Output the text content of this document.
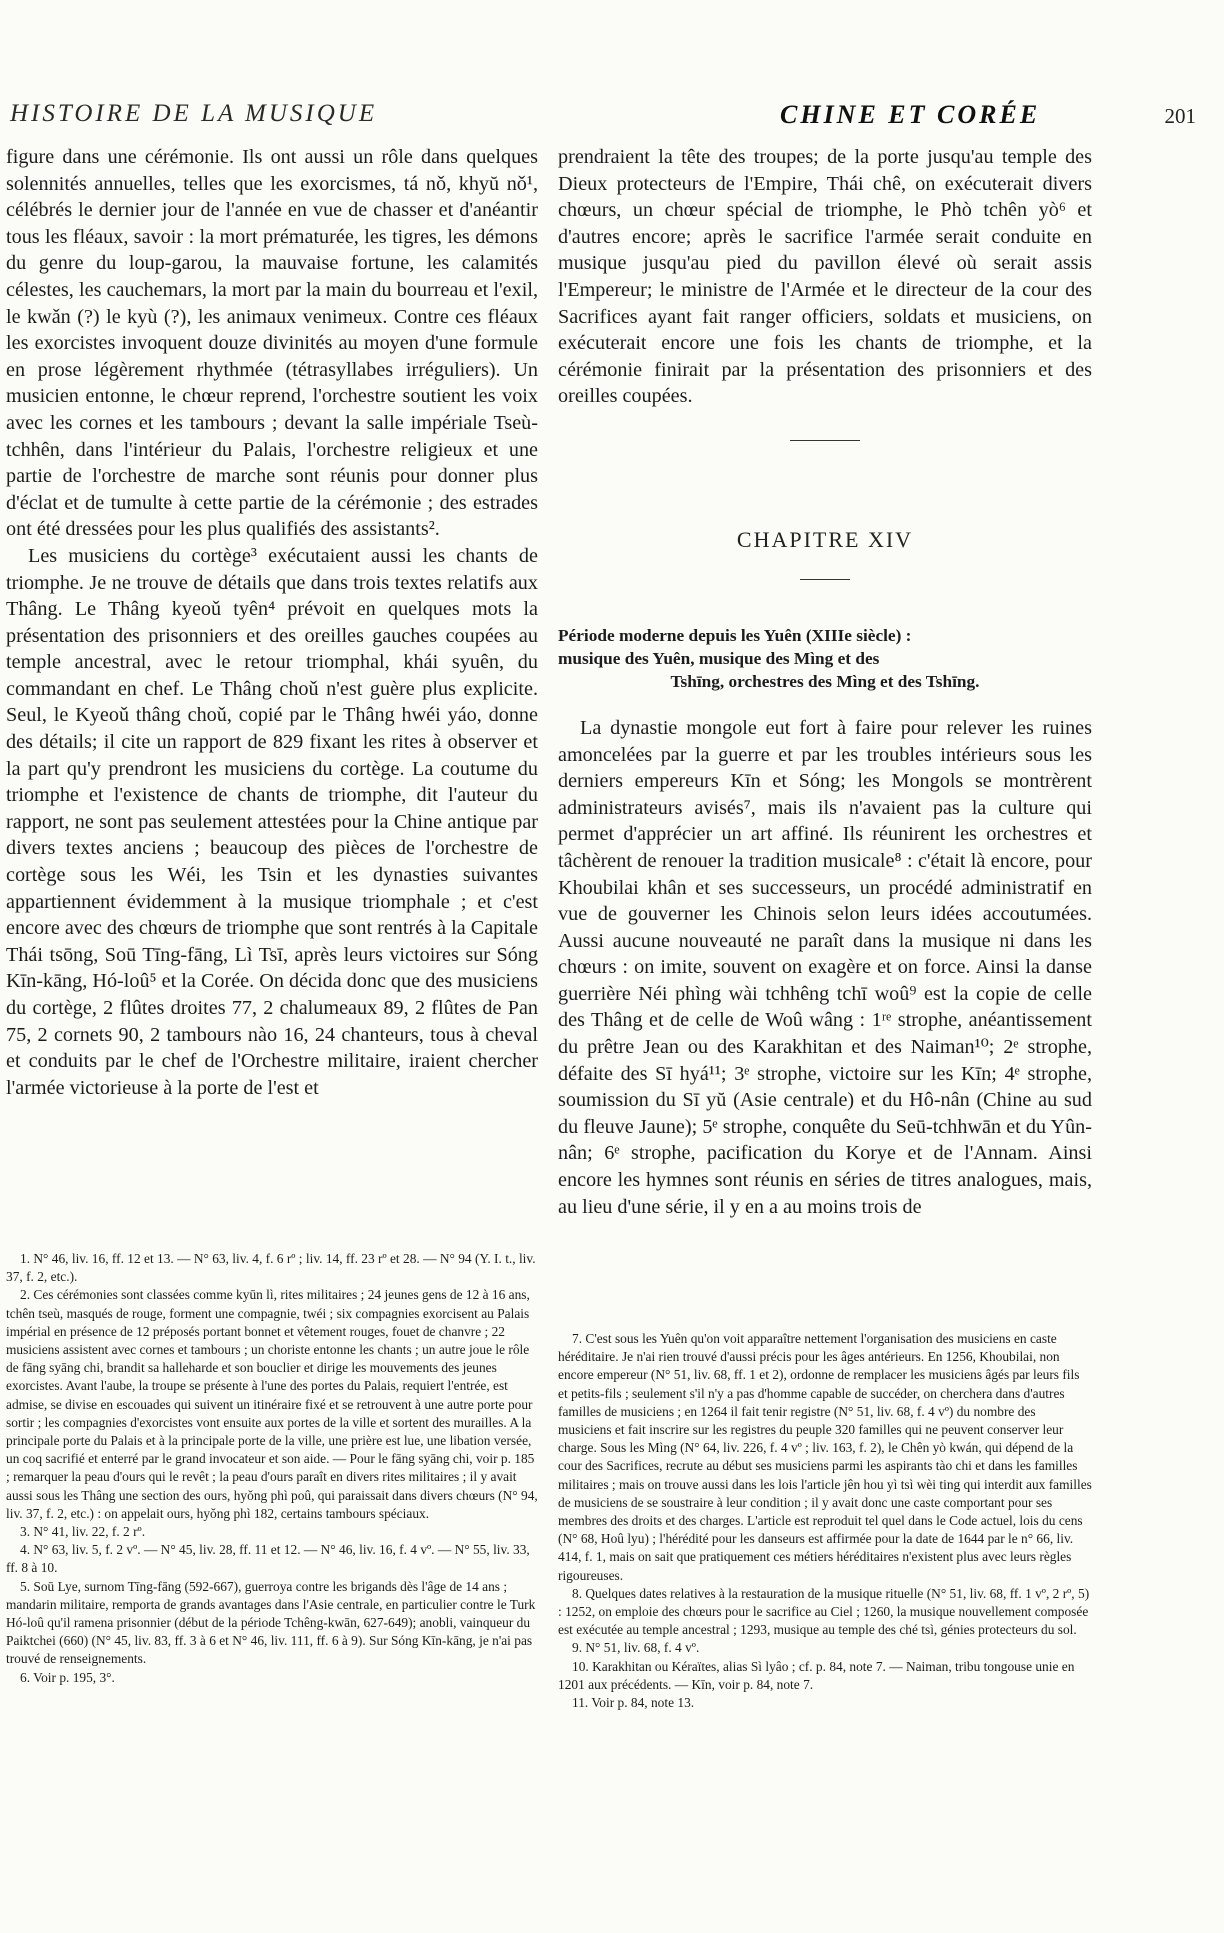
HISTOIRE DE LA MUSIQUE	CHINE ET CORÉE	201

figure dans une cérémonie. Ils ont aussi un rôle dans quelques solennités annuelles, telles que les exorcismes, tá nǒ, khyŭ nǒ¹, célébrés le dernier jour de l'année en vue de chasser et d'anéantir tous les fléaux, savoir : la mort prématurée, les tigres, les démons du genre du loup-garou, la mauvaise fortune, les calamités célestes, les cauchemars, la mort par la main du bourreau et l'exil, le kwǎn (?) le kyù (?), les animaux venimeux. Contre ces fléaux les exorcistes invoquent douze divinités au moyen d'une formule en prose légèrement rhythmée (tétrasyllabes irréguliers). Un musicien entonne, le chœur reprend, l'orchestre soutient les voix avec les cornes et les tambours ; devant la salle impériale Tseù-tchhên, dans l'intérieur du Palais, l'orchestre religieux et une partie de l'orchestre de marche sont réunis pour donner plus d'éclat et de tumulte à cette partie de la cérémonie ; des estrades ont été dressées pour les plus qualifiés des assistants².

Les musiciens du cortège³ exécutaient aussi les chants de triomphe. Je ne trouve de détails que dans trois textes relatifs aux Thâng. Le Thâng kyeoǔ tyên⁴ prévoit en quelques mots la présentation des prisonniers et des oreilles gauches coupées au temple ancestral, avec le retour triomphal, khái syuên, du commandant en chef. Le Thâng choǔ n'est guère plus explicite. Seul, le Kyeoǔ thâng choǔ, copié par le Thâng hwéi yáo, donne des détails; il cite un rapport de 829 fixant les rites à observer et la part qu'y prendront les musiciens du cortège. La coutume du triomphe et l'existence de chants de triomphe, dit l'auteur du rapport, ne sont pas seulement attestées pour la Chine antique par divers textes anciens ; beaucoup des pièces de l'orchestre de cortège sous les Wéi, les Tsin et les dynasties suivantes appartiennent évidemment à la musique triomphale ; et c'est encore avec des chœurs de triomphe que sont rentrés à la Capitale Thái tsōng, Soū Tīng-fāng, Lì Tsī, après leurs victoires sur Sóng Kīn-kāng, Hó-loû⁵ et la Corée. On décida donc que des musiciens du cortège, 2 flûtes droites 77, 2 chalumeaux 89, 2 flûtes de Pan 75, 2 cornets 90, 2 tambours nào 16, 24 chanteurs, tous à cheval et conduits par le chef de l'Orchestre militaire, iraient chercher l'armée victorieuse à la porte de l'est et

1. N° 46, liv. 16, ff. 12 et 13. — N° 63, liv. 4, f. 6 rº ; liv. 14, ff. 23 rº et 28. — N° 94 (Y. I. t., liv. 37, f. 2, etc.).

2. Ces cérémonies sont classées comme kyūn lì, rites militaires ; 24 jeunes gens de 12 à 16 ans, tchên tseù, masqués de rouge, forment une compagnie, twéi ; six compagnies exorcisent au Palais impérial en présence de 12 préposés portant bonnet et vêtement rouges, fouet de chanvre ; 22 musiciens assistent avec cornes et tambours ; un choriste entonne les chants ; un autre joue le rôle de fāng syāng chi, brandit sa halleharde et son bouclier et dirige les mouvements des jeunes exorcistes. Avant l'aube, la troupe se présente à l'une des portes du Palais, requiert l'entrée, est admise, se divise en escouades qui suivent un itinéraire fixé et se retrouvent à une autre porte pour sortir ; les compagnies d'exorcistes vont ensuite aux portes de la ville et sortent des murailles. A la principale porte du Palais et à la principale porte de la ville, une prière est lue, une libation versée, un coq sacrifié et enterré par le grand invocateur et son aide. — Pour le fāng syāng chi, voir p. 185 ; remarquer la peau d'ours qui le revêt ; la peau d'ours paraît en divers rites militaires ; il y avait aussi sous les Thâng une section des ours, hyǒng phì poû, qui paraissait dans divers chœurs (N° 94, liv. 37, f. 2, etc.) : on appelait ours, hyǒng phì 182, certains tambours spéciaux.

3. N° 41, liv. 22, f. 2 rº.

4. N° 63, liv. 5, f. 2 vº. — N° 45, liv. 28, ff. 11 et 12. — N° 46, liv. 16, f. 4 vº. — N° 55, liv. 33, ff. 8 à 10.

5. Soū Lye, surnom Tīng-fāng (592-667), guerroya contre les brigands dès l'âge de 14 ans ; mandarin militaire, remporta de grands avantages dans l'Asie centrale, en particulier contre le Turk Hó-loû qu'il ramena prisonnier (début de la période Tchêng-kwān, 627-649); anobli, vainqueur du Paiktchei (660) (N° 45, liv. 83, ff. 3 à 6 et N° 46, liv. 111, ff. 6 à 9). Sur Sóng Kīn-kāng, je n'ai pas trouvé de renseignements.

6. Voir p. 195, 3°.

prendraient la tête des troupes; de la porte jusqu'au temple des Dieux protecteurs de l'Empire, Thái chê, on exécuterait divers chœurs, un chœur spécial de triomphe, le Phò tchên yò⁶ et d'autres encore; après le sacrifice l'armée serait conduite en musique jusqu'au pied du pavillon élevé où serait assis l'Empereur; le ministre de l'Armée et le directeur de la cour des Sacrifices ayant fait ranger officiers, soldats et musiciens, on exécuterait encore une fois les chants de triomphe, et la cérémonie finirait par la présentation des prisonniers et des oreilles coupées.

CHAPITRE XIV
Période moderne depuis les Yuên (XIIIe siècle) :
musique des Yuên, musique des Mìng et des
Tshīng, orchestres des Mìng et des Tshīng.

La dynastie mongole eut fort à faire pour relever les ruines amoncelées par la guerre et par les troubles intérieurs sous les derniers empereurs Kīn et Sóng; les Mongols se montrèrent administrateurs avisés⁷, mais ils n'avaient pas la culture qui permet d'apprécier un art affiné. Ils réunirent les orchestres et tâchèrent de renouer la tradition musicale⁸ : c'était là encore, pour Khoubilai khân et ses successeurs, un procédé administratif en vue de gouverner les Chinois selon leurs idées accoutumées. Aussi aucune nouveauté ne paraît dans la musique ni dans les chœurs : on imite, souvent on exagère et on force. Ainsi la danse guerrière Néi phìng wài tchhêng tchī woû⁹ est la copie de celle des Thâng et de celle de Woû wâng : 1ʳᵉ strophe, anéantissement du prêtre Jean ou des Karakhitan et des Naiman¹⁰; 2ᵉ strophe, défaite des Sī hyá¹¹; 3ᵉ strophe, victoire sur les Kīn; 4ᵉ strophe, soumission du Sī yŭ (Asie centrale) et du Hô-nân (Chine au sud du fleuve Jaune); 5ᵉ strophe, conquête du Seū-tchhwān et du Yûn-nân; 6ᵉ strophe, pacification du Korye et de l'Annam. Ainsi encore les hymnes sont réunis en séries de titres analogues, mais, au lieu d'une série, il y en a au moins trois de

7. C'est sous les Yuên qu'on voit apparaître nettement l'organisation des musiciens en caste héréditaire. Je n'ai rien trouvé d'aussi précis pour les âges antérieurs. En 1256, Khoubilai, non encore empereur (N° 51, liv. 68, ff. 1 et 2), ordonne de remplacer les musiciens âgés par leurs fils et petits-fils ; seulement s'il n'y a pas d'homme capable de succéder, on cherchera dans d'autres familles de musiciens ; en 1264 il fait tenir registre (N° 51, liv. 68, f. 4 vº) du nombre des musiciens et fait inscrire sur les registres du peuple 320 familles qui ne peuvent conserver leur charge. Sous les Mìng (N° 64, liv. 226, f. 4 vº ; liv. 163, f. 2), le Chên yò kwán, qui dépend de la cour des Sacrifices, recrute au début ses musiciens parmi les aspirants tào chi et dans les familles militaires ; mais on trouve aussi dans les lois l'article jên hou yì tsì wèi ting qui interdit aux familles de musiciens de se soustraire à leur condition ; il y avait donc une caste comportant pour ses membres des droits et des charges. L'article est reproduit tel quel dans le Code actuel, lois du cens (N° 68, Hoû lyu) ; l'hérédité pour les danseurs est affirmée pour la date de 1644 par le n° 66, liv. 414, f. 1, mais on sait que pratiquement ces métiers héréditaires n'existent plus avec leurs règles rigoureuses.

8. Quelques dates relatives à la restauration de la musique rituelle (N° 51, liv. 68, ff. 1 vº, 2 rº, 5) : 1252, on emploie des chœurs pour le sacrifice au Ciel ; 1260, la musique nouvellement composée est exécutée au temple ancestral ; 1293, musique au temple des ché tsì, génies protecteurs du sol.

9. N° 51, liv. 68, f. 4 vº.

10. Karakhitan ou Kéraïtes, alias Sì lyâo ; cf. p. 84, note 7. — Naiman, tribu tongouse unie en 1201 aux précédents. — Kīn, voir p. 84, note 7.

11. Voir p. 84, note 13.
